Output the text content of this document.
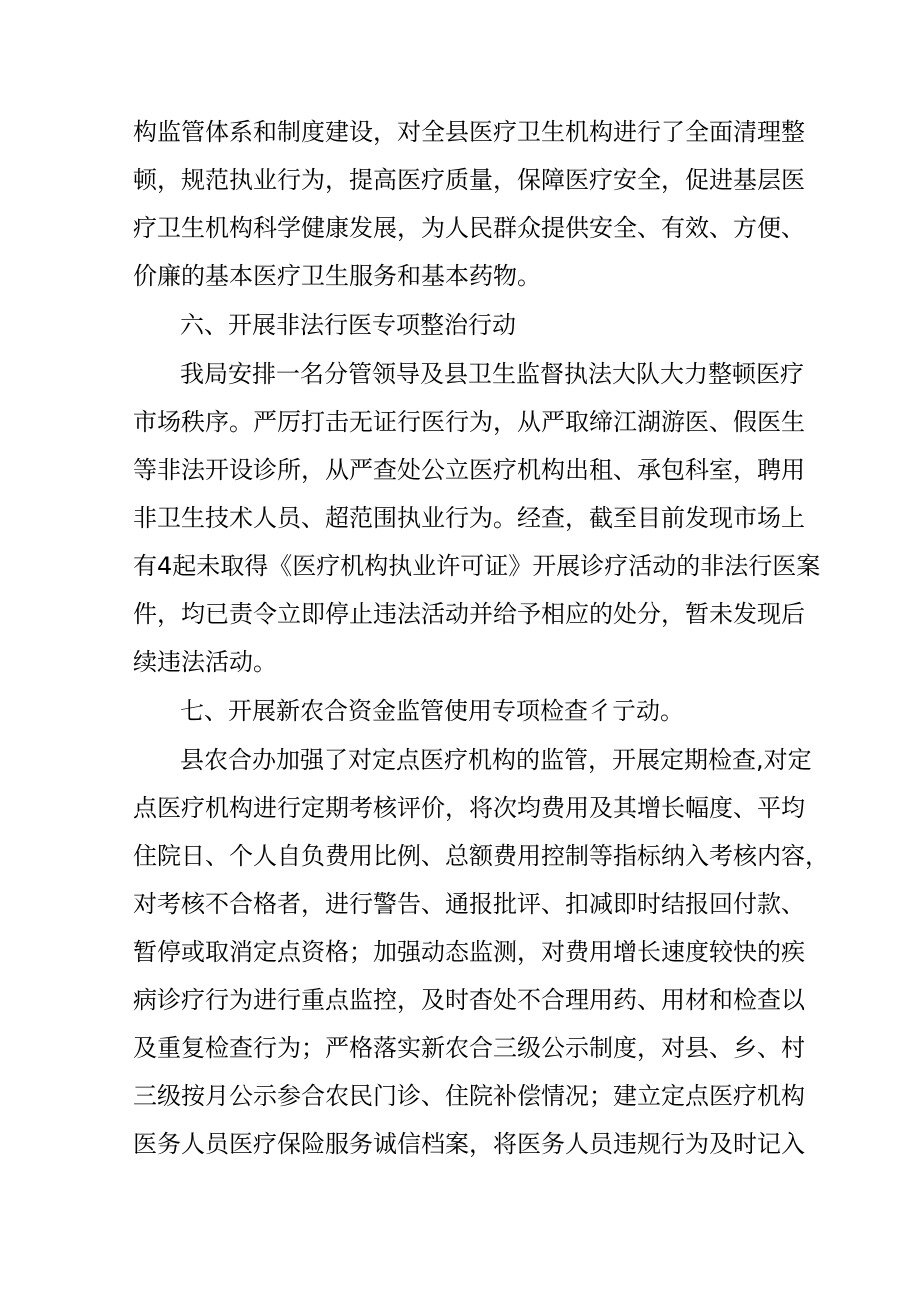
构监管体系和制度建设，对全县医疗卫生机构进行了全面清理整
顿，规范执业行为，提高医疗质量，保障医疗安全，促进基层医
疗卫生机构科学健康发展，为人民群众提供安全、有效、方便、
价廉的基本医疗卫生服务和基本药物。
六、开展非法行医专项整治行动
我局安排一名分管领导及县卫生监督执法大队大力整顿医疗
市场秩序。严厉打击无证行医行为，从严取缔江湖游医、假医生
等非法开设诊所，从严查处公立医疗机构出租、承包科室，聘用
非卫生技术人员、超范围执业行为。经查，截至目前发现市场上
有4起未取得《医疗机构执业许可证》开展诊疗活动的非法行医案
件，均已责令立即停止违法活动并给予相应的处分，暂未发现后
续违法活动。
七、开展新农合资金监管使用专项检查彳亍动。
县农合办加强了对定点医疗机构的监管，开展定期检查,对定
点医疗机构进行定期考核评价，将次均费用及其增长幅度、平均
住院日、个人自负费用比例、总额费用控制等指标纳入考核内容，
对考核不合格者，进行警告、通报批评、扣减即时结报回付款、
暂停或取消定点资格；加强动态监测，对费用增长速度较快的疾
病诊疗行为进行重点监控，及时杳处不合理用药、用材和检查以
及重复检查行为；严格落实新农合三级公示制度，对县、乡、村
三级按月公示参合农民门诊、住院补偿情况；建立定点医疗机构
医务人员医疗保险服务诚信档案，将医务人员违规行为及时记入
